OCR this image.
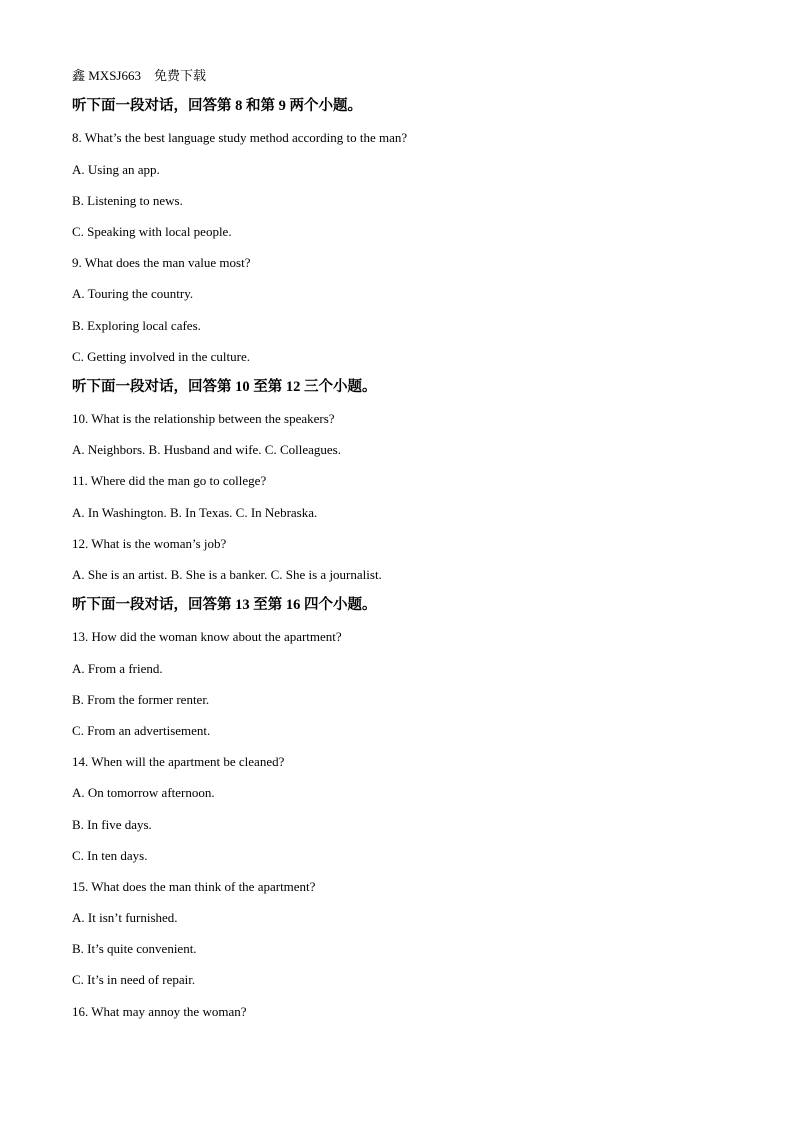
鑫 MXSJ663　免费下载
听下面一段对话，回答第 8 和第 9 两个小题。
8. What’s the best language study method according to the man?
A. Using an app.
B. Listening to news.
C. Speaking with local people.
9. What does the man value most?
A. Touring the country.
B. Exploring local cafes.
C. Getting involved in the culture.
听下面一段对话，回答第 10 至第 12 三个小题。
10. What is the relationship between the speakers?
A. Neighbors. B. Husband and wife. C. Colleagues.
11. Where did the man go to college?
A. In Washington. B. In Texas. C. In Nebraska.
12. What is the woman’s job?
A. She is an artist. B. She is a banker. C. She is a journalist.
听下面一段对话，回答第 13 至第 16 四个小题。
13. How did the woman know about the apartment?
A. From a friend.
B. From the former renter.
C. From an advertisement.
14. When will the apartment be cleaned?
A. On tomorrow afternoon.
B. In five days.
C. In ten days.
15. What does the man think of the apartment?
A. It isn’t furnished.
B. It’s quite convenient.
C. It’s in need of repair.
16. What may annoy the woman?
